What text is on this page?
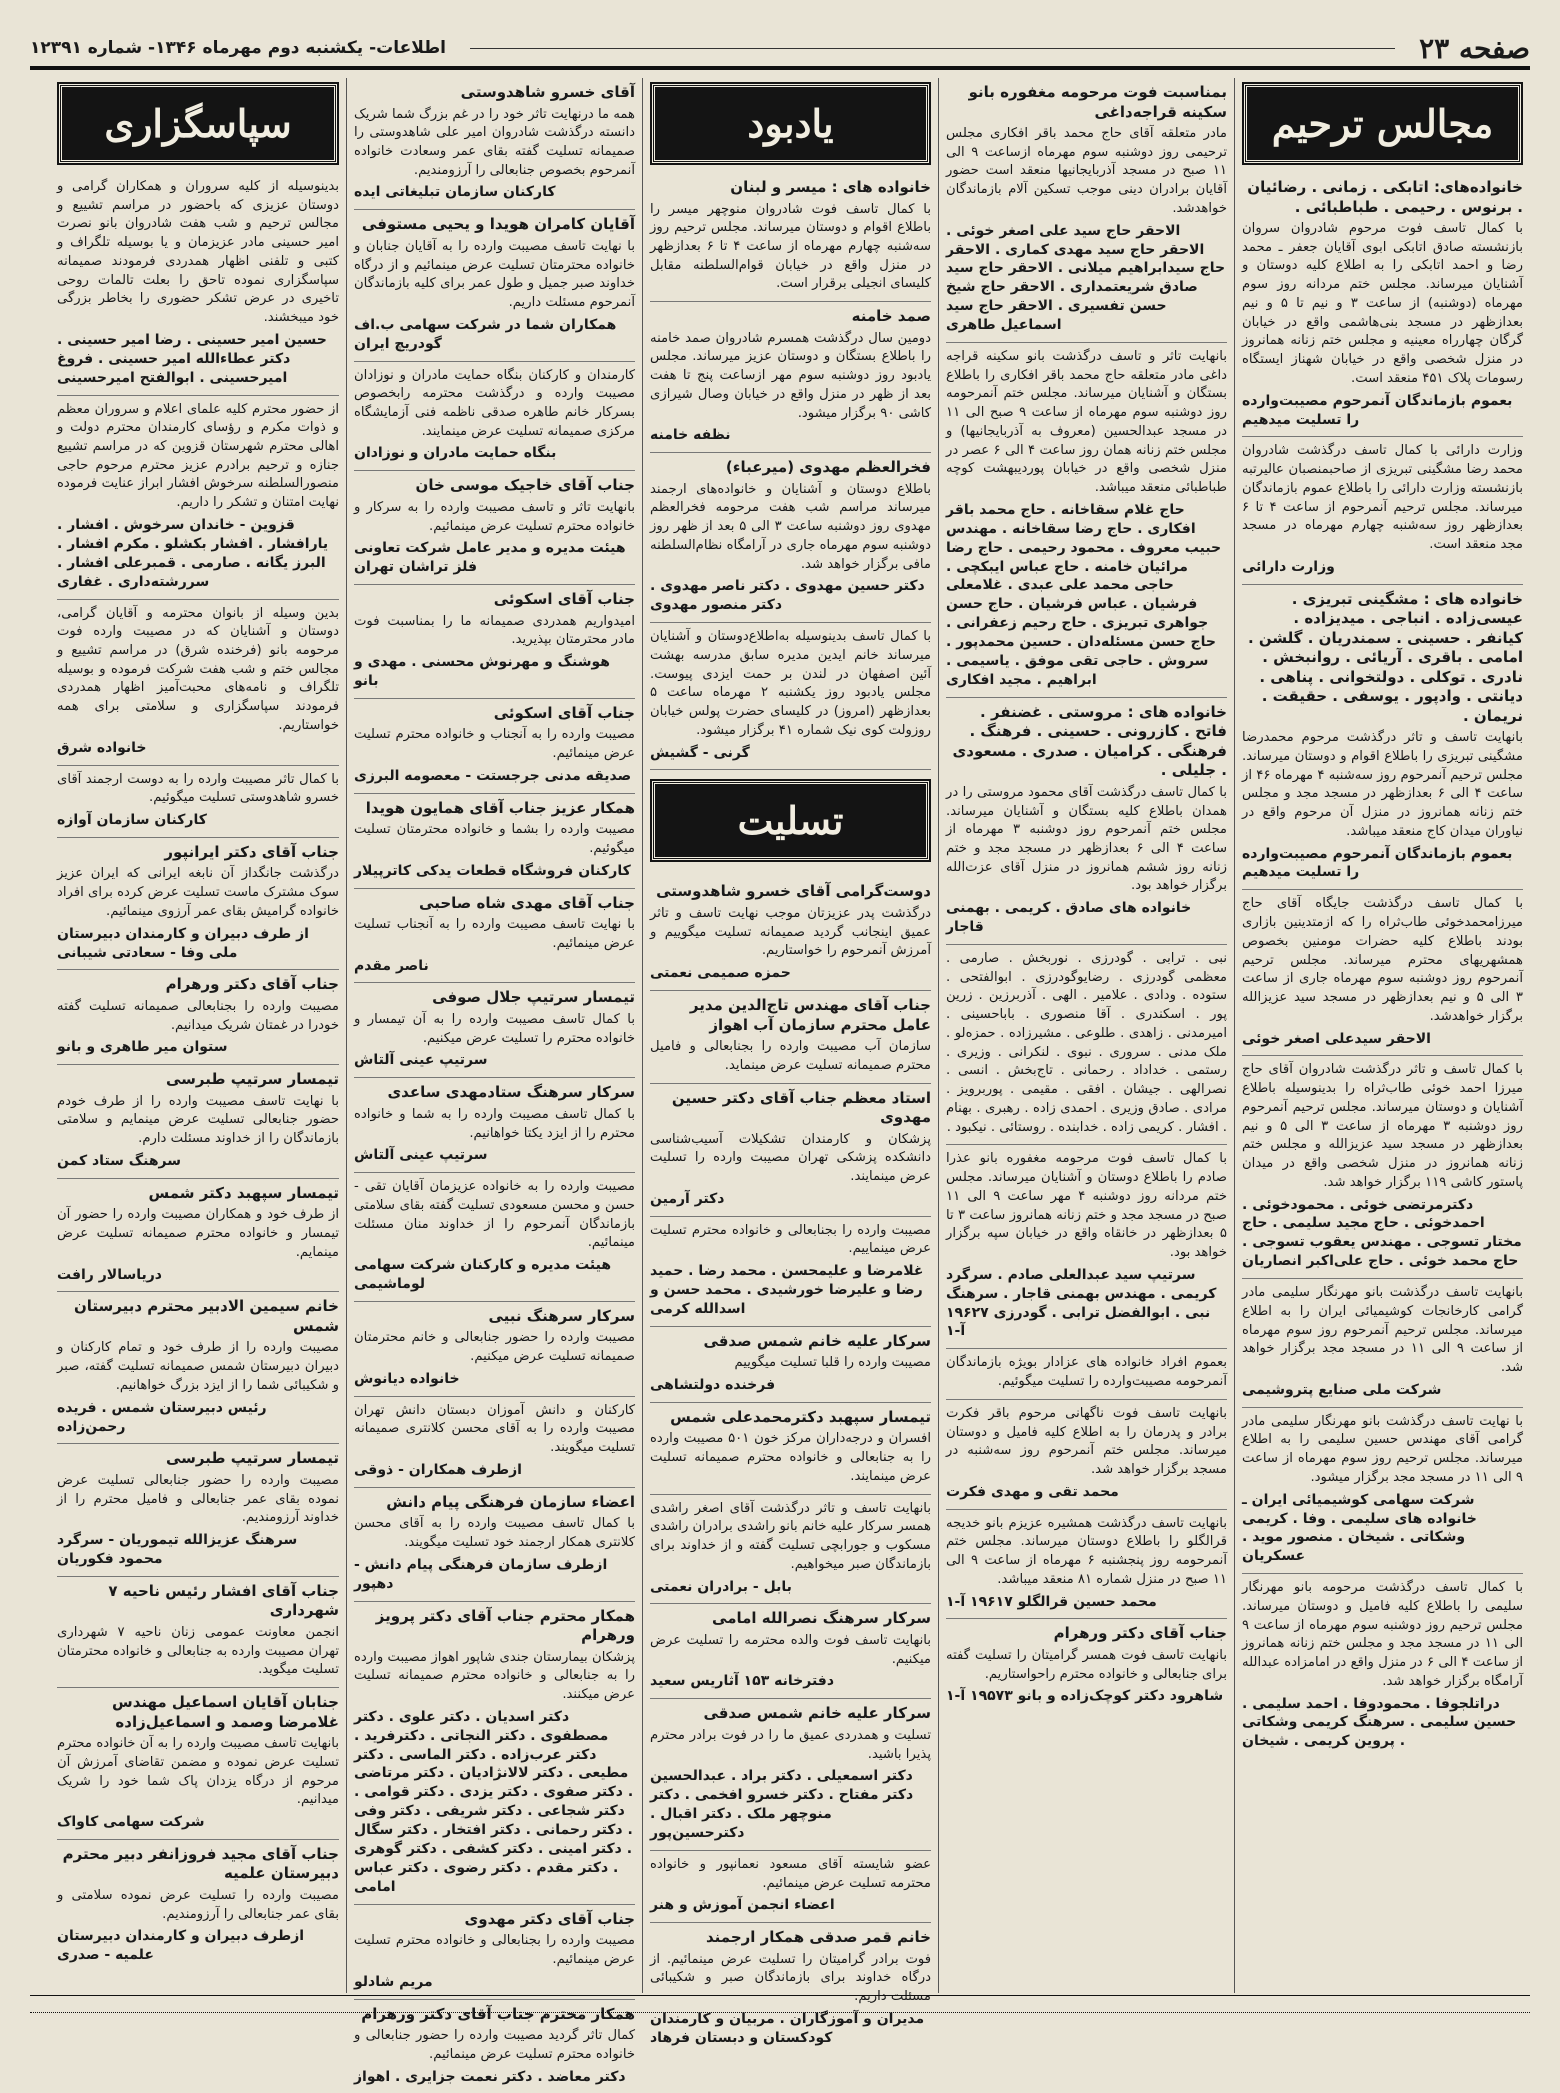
صفحه ۲۳
اطلاعات- یکشنبه دوم مهرماه ۱۳۴۶- شماره ۱۲۳۹۱
مجالس ترحیم

خانواده‌های: اتابکی . زمانی . رضائیان . برنوس . رحیمی . طباطبائی .

با کمال تاسف فوت مرحوم شادروان سروان بازنشسته صادق اتابکی ابوی آقایان جعفر ـ محمد رضا و احمد اتابکی را به اطلاع کلیه دوستان و آشنایان میرساند. مجلس ختم مردانه روز سوم مهرماه (دوشنبه) از ساعت ۳ و نیم تا ۵ و نیم بعدازظهر در مسجد بنی‌هاشمی واقع در خیابان گرگان چهارراه معینیه و مجلس ختم زنانه همانروز در منزل شخصی واقع در خیابان شهناز ایستگاه رسومات پلاک ۴۵۱ منعقد است.

بعموم بازماندگان آنمرحوم مصیبت‌وارده را تسلیت میدهیم

وزارت دارائی با کمال تاسف درگذشت شادروان محمد رضا مشگینی تبریزی از صاحبمنصبان عالیرتبه بازنشسته وزارت دارائی را باطلاع عموم بازماندگان میرساند. مجلس ترحیم آنمرحوم از ساعت ۴ تا ۶ بعدازظهر روز سه‌شنبه چهارم مهرماه در مسجد مجد منعقد است.

وزارت دارائی

خانواده های : مشگینی تبریزی . عیسی‌زاده . انباجی . میدیزاده . کیانفر . حسینی . سمندریان . گلشن . امامی . باقری . آریائی . روانبخش . نادری . توکلی . دولتخوانی . پناهی . دیانتی . وادپور . یوسفی . حقیقت . نریمان .

بانهایت تاسف و تاثر درگذشت مرحوم محمدرضا مشگینی تبریزی را باطلاع اقوام و دوستان میرساند. مجلس ترحیم آنمرحوم روز سه‌شنبه ۴ مهرماه ۴۶ از ساعت ۴ الی ۶ بعدازظهر در مسجد مجد و مجلس ختم زنانه همانروز در منزل آن مرحوم واقع در نیاوران میدان کاج منعقد میباشد.

بعموم بازماندگان آنمرحوم مصیبت‌وارده را تسلیت میدهیم

با کمال تاسف درگذشت جایگاه آقای حاج میرزامحمدخوئی طاب‌ثراه را که ازمتدینین بازاری بودند باطلاع کلیه حضرات مومنین بخصوص همشهریهای محترم میرساند. مجلس ترحیم آنمرحوم روز دوشنبه سوم مهرماه جاری از ساعت ۳ الی ۵ و نیم بعدازظهر در مسجد سید عزیزالله برگزار خواهدشد.

الاحقر سیدعلی اصغر خوئی

با کمال تاسف و تاثر درگذشت شادروان آقای حاج میرزا احمد خوئی طاب‌ثراه را بدینوسیله باطلاع آشنایان و دوستان میرساند. مجلس ترحیم آنمرحوم روز دوشنبه ۳ مهرماه از ساعت ۳ الی ۵ و نیم بعدازظهر در مسجد سید عزیزالله و مجلس ختم زنانه همانروز در منزل شخصی واقع در میدان پاستور کاشی ۱۱۹ برگزار خواهد شد.

دکترمرتضی خوئی . محمودخوئی . احمدخوئی . حاج مجید سلیمی . حاج مختار تسوجی . مهندس یعقوب تسوجی . حاج محمد خوئی . حاج علی‌اکبر انصاریان

بانهایت تاسف درگذشت بانو مهرنگار سلیمی مادر گرامی کارخانجات کوشیمیائی ایران را به اطلاع میرساند. مجلس ترحیم آنمرحوم روز سوم مهرماه از ساعت ۹ الی ۱۱ در مسجد مجد برگزار خواهد شد.

شرکت ملی صنایع پتروشیمی

با نهایت تاسف درگذشت بانو مهرنگار سلیمی مادر گرامی آقای مهندس حسین سلیمی را به اطلاع میرساند. مجلس ترحیم روز سوم مهرماه از ساعت ۹ الی ۱۱ در مسجد مجد برگزار میشود.

شرکت سهامی کوشیمیائی ایران ـ خانواده های سلیمی . وفا . کریمی وشکاتی . شیخان . منصور موید . عسکریان

با کمال تاسف درگذشت مرحومه بانو مهرنگار سلیمی را باطلاع کلیه فامیل و دوستان میرساند. مجلس ترحیم روز دوشنبه سوم مهرماه از ساعت ۹ الی ۱۱ در مسجد مجد و مجلس ختم زنانه همانروز از ساعت ۴ الی ۶ در منزل واقع در امامزاده عبدالله آرامگاه برگزار خواهد شد.

دراتلجوفا . محمودوفا . احمد سلیمی . حسین سلیمی . سرهنگ کریمی وشکاتی . پروین کریمی . شیخان

بمناسبت فوت مرحومه مغفوره بانو سکینه قراجه‌داغی

مادر متعلقه آقای حاج محمد باقر افکاری مجلس ترحیمی روز دوشنبه سوم مهرماه ازساعت ۹ الی ۱۱ صبح در مسجد آذربایجانیها منعقد است حضور آقایان برادران دینی موجب تسکین آلام بازماندگان خواهدشد.

الاحقر حاج سید علی اصغر خوئی . الاحقر حاج سید مهدی کماری . الاحقر حاج سیدابراهیم میلانی . الاحقر حاج سید صادق شریعتمداری . الاحقر حاج شیخ حسن تفسیری . الاحقر حاج سید اسماعیل طاهری

بانهایت تاثر و تاسف درگذشت بانو سکینه قراجه داغی مادر متعلقه حاج محمد باقر افکاری را باطلاع بستگان و آشنایان میرساند. مجلس ختم آنمرحومه روز دوشنبه سوم مهرماه از ساعت ۹ صبح الی ۱۱ در مسجد عبدالحسین (معروف به آذربایجانیها) و مجلس ختم زنانه همان روز ساعت ۴ الی ۶ عصر در منزل شخصی واقع در خیابان پوردیبهشت کوچه طباطبائی منعقد میباشد.

حاج غلام سقاخانه . حاج محمد باقر افکاری . حاج رضا سقاخانه . مهندس حبیب معروف . محمود رحیمی . حاج رضا مرائیان خامنه . حاج عباس ایبکچی . حاجی محمد علی عبدی . غلامعلی فرشیان . عباس فرشیان . حاج حسن جواهری تبریزی . حاج رحیم زعفرانی . حاج حسن مسئله‌دان . حسین محمدپور . سروش . حاجی تقی موفق . یاسیمی . ابراهیم . مجید افکاری

خانواده های : مروستی . غضنفر . فاتح . کازرونی . حسینی . فرهنگ . فرهنگی . کرامیان . صدری . مسعودی . جلیلی .

با کمال تاسف درگذشت آقای محمود مروستی را در همدان باطلاع کلیه بستگان و آشنایان میرساند. مجلس ختم آنمرحوم روز دوشنبه ۳ مهرماه از ساعت ۴ الی ۶ بعدازظهر در مسجد مجد و ختم زنانه روز ششم همانروز در منزل آقای عزت‌الله برگزار خواهد بود.

خانواده های صادق . کریمی . بهمنی قاجار

نبی . ترابی . گودرزی . نوربخش . صارمی . معظمی گودرزی . رضایوگودرزی . ابوالفتحی . ستوده . ودادی . علامیر . الهی . آذربرزین . زرین پور . اسکندری . آقا منصوری . باباحسینی . امیرمدنی . زاهدی . طلوعی . مشیرزاده . حمزه‌لو . ملک مدنی . سروری . نبوی . لنکرانی . وزیری . رستمی . خداداد . رحمانی . تاج‌بخش . انسی . نصرالهی . جیشان . افقی . مقیمی . پوربرویز . مرادی . صادق وزیری . احمدی زاده . رهبری . بهنام . افشار . کریمی زاده . خدابنده . روستائی . نیکبود .

با کمال تاسف فوت مرحومه مغفوره بانو عذرا صادم را باطلاع دوستان و آشنایان میرساند. مجلس ختم مردانه روز دوشنبه ۴ مهر ساعت ۹ الی ۱۱ صبح در مسجد مجد و ختم زنانه همانروز ساعت ۳ تا ۵ بعدازظهر در خانقاه واقع در خیابان سپه برگزار خواهد بود.

سرتیپ سید عبدالعلی صادم . سرگرد کریمی . مهندس بهمنی قاجار . سرهنگ نبی . ابوالفضل ترابی . گودرزی ۱۹۶۲۷ آ-۱

بعموم افراد خانواده های عزادار بویژه بازماندگان آنمرحومه مصیبت‌وارده را تسلیت میگوئیم.

بانهایت تاسف فوت ناگهانی مرحوم باقر فکرت برادر و پدرمان را به اطلاع کلیه فامیل و دوستان میرساند. مجلس ختم آنمرحوم روز سه‌شنبه در مسجد برگزار خواهد شد.

محمد تقی و مهدی فکرت

بانهایت تاسف درگذشت همشیره عزیزم بانو خدیجه قرالگلو را باطلاع دوستان میرساند. مجلس ختم آنمرحومه روز پنجشنبه ۶ مهرماه از ساعت ۹ الی ۱۱ صبح در منزل شماره ۸۱ منعقد میباشد.

محمد حسین قرالگلو ۱۹۶۱۷ آ-۱

جناب آقای دکتر ورهرام

بانهایت تاسف فوت همسر گرامیتان را تسلیت گفته برای جنابعالی و خانواده محترم راحواستاریم.

شاهرود دکتر کوچک‌زاده و بانو ۱۹۵۷۳ آ-۱

یادبود

خانواده های : میسر و لبنان

با کمال تاسف فوت شادروان منوچهر میسر را باطلاع اقوام و دوستان میرساند. مجلس ترحیم روز سه‌شنبه چهارم مهرماه از ساعت ۴ تا ۶ بعدازظهر در منزل واقع در خیابان قوام‌السلطنه مقابل کلیسای انجیلی برقرار است.

صمد خامنه

دومین سال درگذشت همسرم شادروان صمد خامنه را باطلاع بستگان و دوستان عزیز میرساند. مجلس یادبود روز دوشنبه سوم مهر ازساعت پنج تا هفت بعد از ظهر در منزل واقع در خیابان وصال شیرازی کاشی ۹۰ برگزار میشود.

نظفه خامنه

فخرالعظم مهدوی (میرعباء)

باطلاع دوستان و آشنایان و خانواده‌های ارجمند میرساند مراسم شب هفت مرحومه فخرالعظم مهدوی روز دوشنبه ساعت ۳ الی ۵ بعد از ظهر روز دوشنبه سوم مهرماه جاری در آرامگاه نظام‌السلطنه مافی برگزار خواهد شد.

دکتر حسین مهدوی . دکتر ناصر مهدوی . دکتر منصور مهدوی

با کمال تاسف بدینوسیله به‌اطلاع‌دوستان و آشنایان میرساند خانم ایدین مدیره سابق مدرسه بهشت آئین اصفهان در لندن بر حمت ایزدی پیوست. مجلس یادبود روز یکشنبه ۲ مهرماه ساعت ۵ بعدازظهر (امروز) در کلیسای حضرت پولس خیابان روزولت کوی نیک شماره ۴۱ برگزار میشود.

گرنی - گشیش

تسلیت

دوست‌گرامی آقای خسرو شاهدوستی

درگذشت پدر عزیزتان موجب نهایت تاسف و تاثر عمیق اینجانب گردید صمیمانه تسلیت میگوییم و آمرزش آنمرحوم را خواستاریم.

حمزه صمیمی نعمتی

جناب آقای مهندس تاج‌الدین مدیر عامل محترم سازمان آب اهواز

سازمان آب مصیبت وارده را بجنابعالی و فامیل محترم صمیمانه تسلیت عرض مینماید.

استاد معظم جناب آقای دکتر حسین مهدوی

پزشکان و کارمندان تشکیلات آسیب‌شناسی دانشکده پزشکی تهران مصیبت وارده را تسلیت عرض مینمایند.

دکتر آرمین

مصیبت وارده را بجنابعالی و خانواده محترم تسلیت عرض مینماییم.

غلامرضا و علیمحسن . محمد رضا . حمید رضا و علیرضا خورشیدی . محمد حسن و اسدالله کرمی

سرکار علیه خانم شمس صدقی

مصیبت وارده را قلبا تسلیت میگوییم

فرخنده دولتشاهی

تیمسار سپهبد دکترمحمدعلی شمس

افسران و درجه‌داران مرکز خون ۵۰۱ مصیبت وارده را به جنابعالی و خانواده محترم صمیمانه تسلیت عرض مینمایند.

بانهایت تاسف و تاثر درگذشت آقای اصغر راشدی همسر سرکار علیه خانم بانو راشدی برادران راشدی مسکوب و جورابچی تسلیت گفته و از خداوند برای بازماندگان صبر میخواهیم.

بابل - برادران نعمتی

سرکار سرهنگ نصرالله امامی

بانهایت تاسف فوت والده محترمه را تسلیت عرض میکنیم.

دفترخانه ۱۵۳ آثاریس سعید

سرکار علیه خانم شمس صدقی

تسلیت و همدردی عمیق ما را در فوت برادر محترم پذیرا باشید.

دکتر اسمعیلی . دکتر براد . عبدالحسین دکتر مفتاح . دکتر خسرو افخمی . دکتر منوچهر ملک . دکتر اقبال . دکترحسین‌پور

عضو شایسته آقای مسعود نعمانپور و خانواده محترمه تسلیت عرض مینمائیم.

اعضاء انجمن آموزش و هنر

خانم قمر صدقی همکار ارجمند

فوت برادر گرامیتان را تسلیت عرض مینمائیم. از درگاه خداوند برای بازماندگان صبر و شکیبائی مسئلت داریم.

مدیران و آموزگاران . مربیان و کارمندان کودکستان و دبستان فرهاد

آقای خسرو شاهدوستی

همه ما درنهایت تاثر خود را در غم بزرگ شما شریک دانسته درگذشت شادروان امیر علی شاهدوستی را صمیمانه تسلیت گفته بقای عمر وسعادت خانواده آنمرحوم بخصوص جنابعالی را آرزومندیم.

کارکنان سازمان تبلیغاتی ایده

آقایان کامران هویدا و یحیی مستوفی

با نهایت تاسف مصیبت وارده را به آقایان جنابان و خانواده محترمتان تسلیت عرض مینمائیم و از درگاه خداوند صبر جمیل و طول عمر برای کلیه بازماندگان آنمرحوم مسئلت داریم.

همکاران شما در شرکت سهامی ب.اف گودریچ ایران

کارمندان و کارکنان بنگاه حمایت مادران و نوزادان مصیبت وارده و درگذشت محترمه رابخصوص بسرکار خانم طاهره صدقی ناظمه فنی آزمایشگاه مرکزی صمیمانه تسلیت عرض مینمایند.

بنگاه حمایت مادران و نوزادان

جناب آقای خاجیک موسی خان

بانهایت تاثر و تاسف مصیبت وارده را به سرکار و خانواده محترم تسلیت عرض مینمائیم.

هیئت مدیره و مدیر عامل شرکت تعاونی فلز تراشان تهران

جناب آقای اسکوئی

امیدواریم همدردی صمیمانه ما را بمناسبت فوت مادر محترمتان بپذیرید.

هوشنگ و مهرنوش محسنی . مهدی و بانو

جناب آقای اسکوئی

مصیبت وارده را به آنجناب و خانواده محترم تسلیت عرض مینمائیم.

صدیقه مدنی جرجستت - معصومه البرزی

همکار عزیز جناب آقای همایون هویدا

مصیبت وارده را بشما و خانواده محترمتان تسلیت میگوئیم.

کارکنان فروشگاه قطعات یدکی کاترپیلار

جناب آقای مهدی شاه صاحبی

با نهایت تاسف مصیبت وارده را به آنجناب تسلیت عرض مینمائیم.

ناصر مقدم

تیمسار سرتیپ جلال صوفی

با کمال تاسف مصیبت وارده را به آن تیمسار و خانواده محترم را تسلیت عرض میکنیم.

سرتیپ عینی آلتاش

سرکار سرهنگ ستادمهدی ساعدی

با کمال تاسف مصیبت وارده را به شما و خانواده محترم را از ایزد یکتا خواهانیم.

سرتیپ عینی آلتاش

مصیبت وارده را به خانواده عزیزمان آقایان تقی - حسن و محسن مسعودی تسلیت گفته بقای سلامتی بازماندگان آنمرحوم را از خداوند منان مسئلت مینمائیم.

هیئت مدیره و کارکنان شرکت سهامی لوماشیمی

سرکار سرهنگ نبیی

مصیبت وارده را حضور جنابعالی و خانم محترمتان صمیمانه تسلیت عرض میکنیم.

خانواده دیانوش

کارکنان و دانش آموزان دبستان دانش تهران مصیبت وارده را به آقای محسن کلانتری صمیمانه تسلیت میگویند.

ازطرف همکاران - ذوقی

اعضاء سازمان فرهنگی پیام دانش

با کمال تاسف مصیبت وارده را به آقای محسن کلانتری همکار ارجمند خود تسلیت میگویند.

ازطرف سازمان فرهنگی پیام دانش - دهپور

همکار محترم جناب آقای دکتر پرویز ورهرام

پزشکان بیمارستان جندی شاپور اهواز مصیبت وارده را به جنابعالی و خانواده محترم صمیمانه تسلیت عرض میکنند.

دکتر اسدیان . دکتر علوی . دکتر مصطفوی . دکتر النجاتی . دکترفرید . دکتر عرب‌زاده . دکتر الماسی . دکتر مطیعی . دکتر لالانژادیان . دکتر مرتاضی . دکتر صفوی . دکتر یزدی . دکتر قوامی . دکتر شجاعی . دکتر شریفی . دکتر وفی . دکتر رحمانی . دکتر افتخار . دکتر سگال . دکتر امینی . دکتر کشفی . دکتر گوهری . دکتر مقدم . دکتر رضوی . دکتر عباس امامی

جناب آقای دکتر مهدوی

مصیبت وارده را بجنابعالی و خانواده محترم تسلیت عرض مینمائیم.

مریم شادلو

همکار محترم جناب آقای دکتر ورهرام

کمال تاثر گردید مصیبت وارده را حضور جنابعالی و خانواده محترم تسلیت عرض مینمائیم.

دکتر معاضد . دکتر نعمت جزایری . اهواز

سپاسگزاری

بدینوسیله از کلیه سروران و همکاران گرامی و دوستان عزیزی که باحضور در مراسم تشییع و مجالس ترحیم و شب هفت شادروان بانو نصرت امیر حسینی مادر عزیزمان و یا بوسیله تلگراف و کتبی و تلفنی اظهار همدردی فرمودند صمیمانه سپاسگزاری نموده تاحق را بعلت تالمات روحی تاخیری در عرض تشکر حضوری را بخاطر بزرگی خود میبخشند.

حسین امیر حسینی . رضا امیر حسینی . دکتر عطاءالله امیر حسینی . فروغ امیرحسینی . ابوالفتح امیرحسینی

از حضور محترم کلیه علمای اعلام و سروران معظم و ذوات مکرم و رؤسای کارمندان محترم دولت و اهالی محترم شهرستان قزوین که در مراسم تشییع جنازه و ترحیم برادرم عزیز محترم مرحوم حاجی منصورالسلطنه سرخوش افشار ابراز عنایت فرموده نهایت امتنان و تشکر را داریم.

قزوین - خاندان سرخوش . افشار . یارافشار . افشار بکشلو . مکرم افشار . البرز یگانه . صارمی . قمبرعلی افشار . سررشته‌داری . غفاری

بدین وسیله از بانوان محترمه و آقایان گرامی، دوستان و آشنایان که در مصیبت وارده فوت مرحومه بانو (فرخنده شرق) در مراسم تشییع و مجالس ختم و شب هفت شرکت فرموده و بوسیله تلگراف و نامه‌های محبت‌آمیز اظهار همدردی فرمودند سپاسگزاری و سلامتی برای همه خواستاریم.

خانواده شرق

با کمال تاثر مصیبت وارده را به دوست ارجمند آقای خسرو شاهدوستی تسلیت میگوئیم.

کارکنان سازمان آوازه

جناب آقای دکتر ایرانپور

درگذشت جانگداز آن نابغه ایرانی که ایران عزیز سوک مشترک ماست تسلیت عرض کرده برای افراد خانواده گرامیش بقای عمر آرزوی مینمائیم.

از طرف دبیران و کارمندان دبیرستان ملی وفا - سعادتی شیبانی

جناب آقای دکتر ورهرام

مصیبت وارده را بجنابعالی صمیمانه تسلیت گفته خودرا در غمتان شریک میدانیم.

ستوان میر طاهری و بانو

تیمسار سرتیپ طبرسی

با نهایت تاسف مصیبت وارده را از طرف خودم حضور جنابعالی تسلیت عرض مینمایم و سلامتی بازماندگان را از خداوند مسئلت دارم.

سرهنگ ستاد کمن

تیمسار سپهبد دکتر شمس

از طرف خود و همکاران مصیبت وارده را حضور آن تیمسار و خانواده محترم صمیمانه تسلیت عرض مینمایم.

دریاسالار رافت

خانم سیمین الادبیر محترم دبیرستان شمس

مصیبت وارده را از طرف خود و تمام کارکنان و دبیران دبیرستان شمس صمیمانه تسلیت گفته، صبر و شکیبائی شما را از ایزد بزرگ خواهانیم.

رئیس دبیرستان شمس . فریده رحمن‌زاده

تیمسار سرتیپ طبرسی

مصیبت وارده را حضور جنابعالی تسلیت عرض نموده بقای عمر جنابعالی و فامیل محترم را از خداوند آرزومندیم.

سرهنگ عزیزالله تیموریان - سرگرد محمود فکوریان

جناب آقای افشار رئیس ناحیه ۷ شهرداری

انجمن معاونت عمومی زنان ناحیه ۷ شهرداری تهران مصیبت وارده به جنابعالی و خانواده محترمتان تسلیت میگوید.

جنابان آقایان اسماعیل مهندس غلامرضا وصمد و اسماعیل‌زاده

بانهایت تاسف مصیبت وارده را به آن خانواده محترم تسلیت عرض نموده و مضمن تقاضای آمرزش آن مرحوم از درگاه یزدان پاک شما خود را شریک میدانیم.

شرکت سهامی کاواک

جناب آقای مجید فروزانفر دبیر محترم دبیرستان علمیه

مصیبت وارده را تسلیت عرض نموده سلامتی و بقای عمر جنابعالی را آرزومندیم.

ازطرف دبیران و کارمندان دبیرستان علمیه - صدری
